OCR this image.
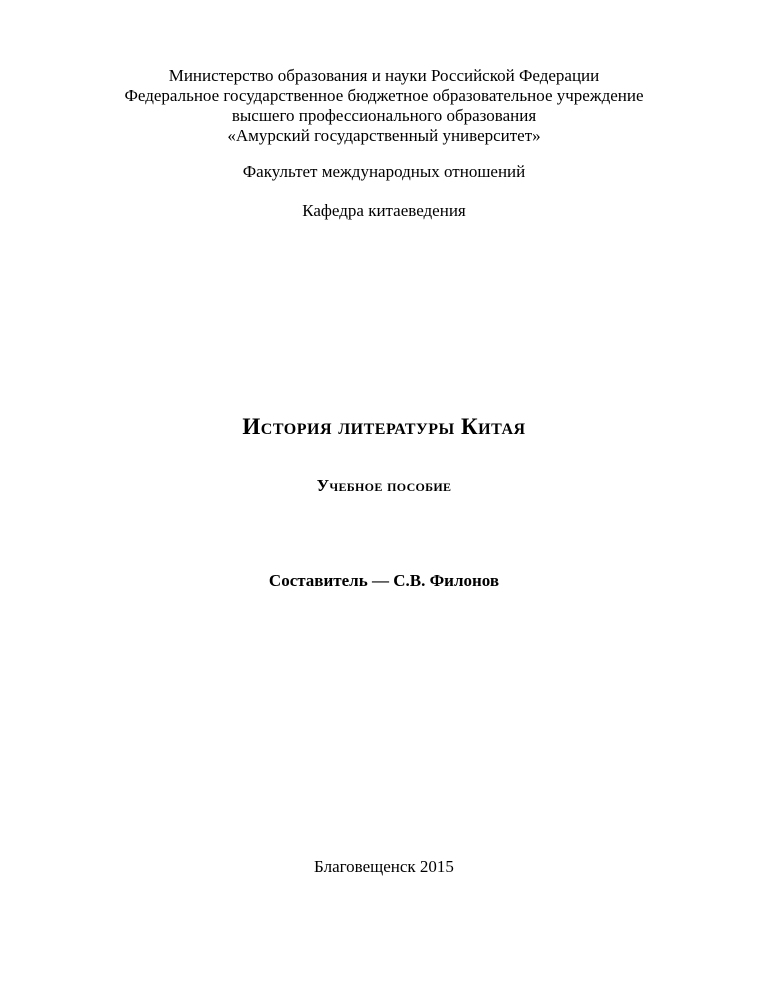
Министерство образования и науки Российской Федерации
Федеральное государственное бюджетное образовательное учреждение
высшего профессионального образования
«Амурский государственный университет»
Факультет международных отношений
Кафедра китаеведения
История литературы Китая
Учебное пособие
Составитель — С.В. Филонов
Благовещенск 2015
